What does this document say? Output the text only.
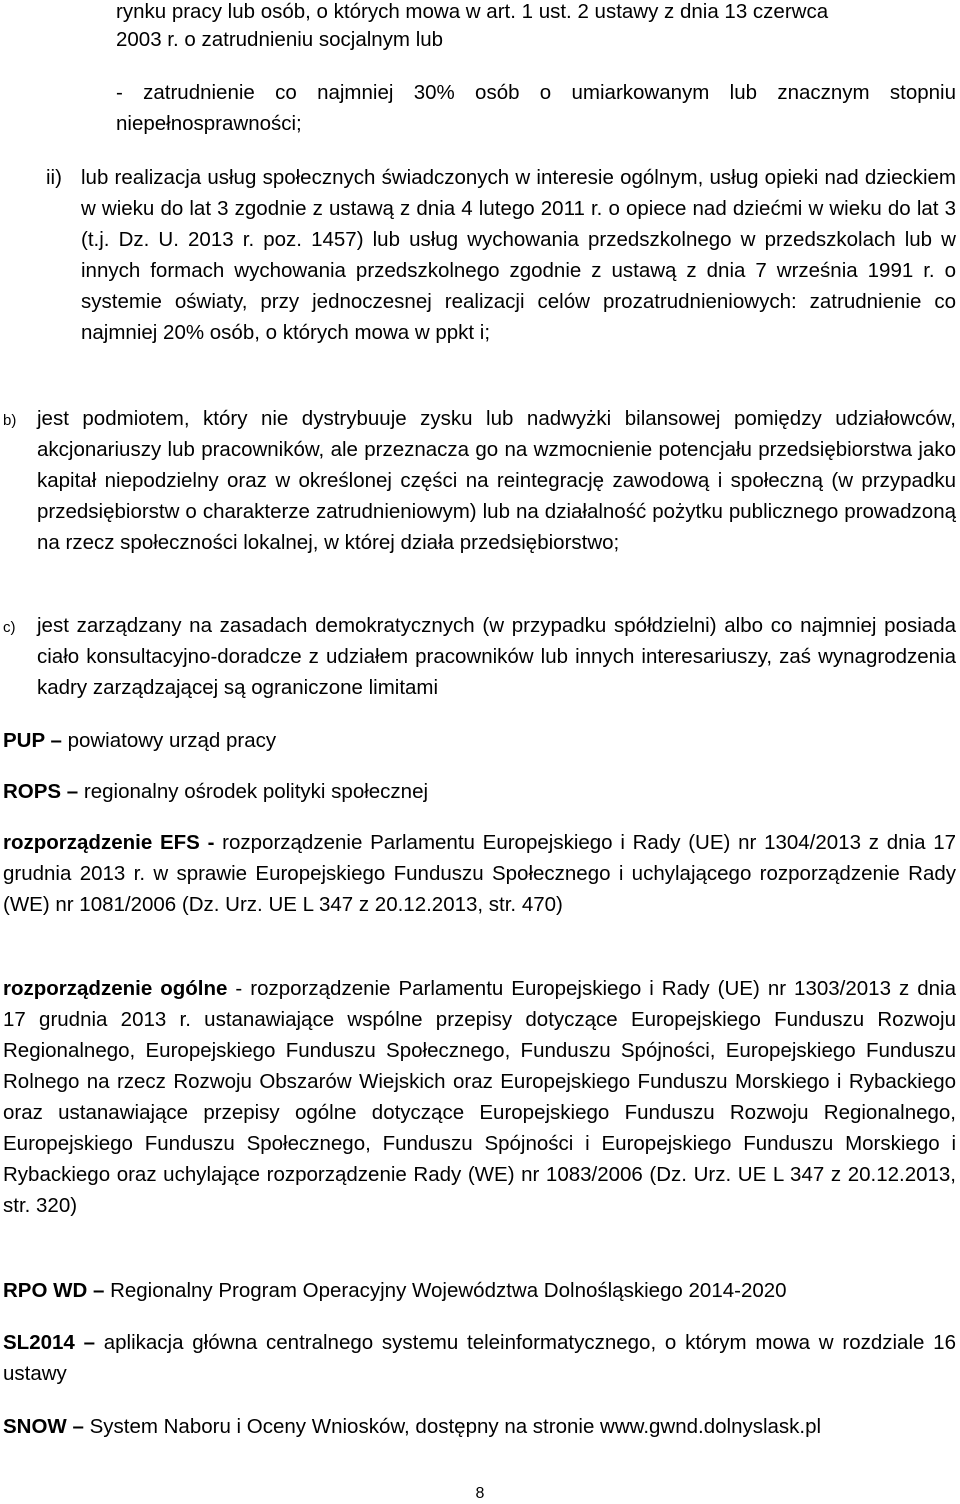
rynku pracy lub osób, o których mowa w art. 1 ust. 2 ustawy z dnia 13 czerwca

2003 r. o zatrudnieniu socjalnym lub

- zatrudnienie co najmniej 30% osób o umiarkowanym lub znacznym stopniu niepełnosprawności;

ii) lub realizacja usług społecznych świadczonych w interesie ogólnym, usług opieki nad dzieckiem w wieku do lat 3 zgodnie z ustawą z dnia 4 lutego 2011 r. o opiece nad dziećmi w wieku do lat 3 (t.j. Dz. U. 2013 r. poz. 1457) lub usług wychowania przedszkolnego w przedszkolach lub w innych formach wychowania przedszkolnego zgodnie z ustawą z dnia 7 września 1991 r. o systemie oświaty, przy jednoczesnej realizacji celów prozatrudnieniowych: zatrudnienie co najmniej 20% osób, o których mowa w ppkt i;

b) jest podmiotem, który nie dystrybuuje zysku lub nadwyżki bilansowej pomiędzy udziałowców, akcjonariuszy lub pracowników, ale przeznacza go na wzmocnienie potencjału przedsiębiorstwa jako kapitał niepodzielny oraz w określonej części na reintegrację zawodową i społeczną (w przypadku przedsiębiorstw o charakterze zatrudnieniowym) lub na działalność pożytku publicznego prowadzoną na rzecz społeczności lokalnej, w której działa przedsiębiorstwo;

c) jest zarządzany na zasadach demokratycznych (w przypadku spółdzielni) albo co najmniej posiada ciało konsultacyjno-doradcze z udziałem pracowników lub innych interesariuszy, zaś wynagrodzenia kadry zarządzającej są ograniczone limitami

PUP – powiatowy urząd pracy

ROPS – regionalny ośrodek polityki społecznej

rozporządzenie EFS - rozporządzenie Parlamentu Europejskiego i Rady (UE) nr 1304/2013 z dnia 17 grudnia 2013 r. w sprawie Europejskiego Funduszu Społecznego i uchylającego rozporządzenie Rady (WE) nr 1081/2006 (Dz. Urz. UE L 347 z 20.12.2013, str. 470)

rozporządzenie ogólne - rozporządzenie Parlamentu Europejskiego i Rady (UE) nr 1303/2013 z dnia 17 grudnia 2013 r. ustanawiające wspólne przepisy dotyczące Europejskiego Funduszu Rozwoju Regionalnego, Europejskiego Funduszu Społecznego, Funduszu Spójności, Europejskiego Funduszu Rolnego na rzecz Rozwoju Obszarów Wiejskich oraz Europejskiego Funduszu Morskiego i Rybackiego oraz ustanawiające przepisy ogólne dotyczące Europejskiego Funduszu Rozwoju Regionalnego, Europejskiego Funduszu Społecznego, Funduszu Spójności i Europejskiego Funduszu Morskiego i Rybackiego oraz uchylające rozporządzenie Rady (WE) nr 1083/2006 (Dz. Urz. UE L 347 z 20.12.2013, str. 320)

RPO WD – Regionalny Program Operacyjny Województwa Dolnośląskiego 2014-2020

SL2014 – aplikacja główna centralnego systemu teleinformatycznego, o którym mowa w rozdziale 16 ustawy

SNOW – System Naboru i Oceny Wniosków, dostępny na stronie www.gwnd.dolnyslask.pl

8
